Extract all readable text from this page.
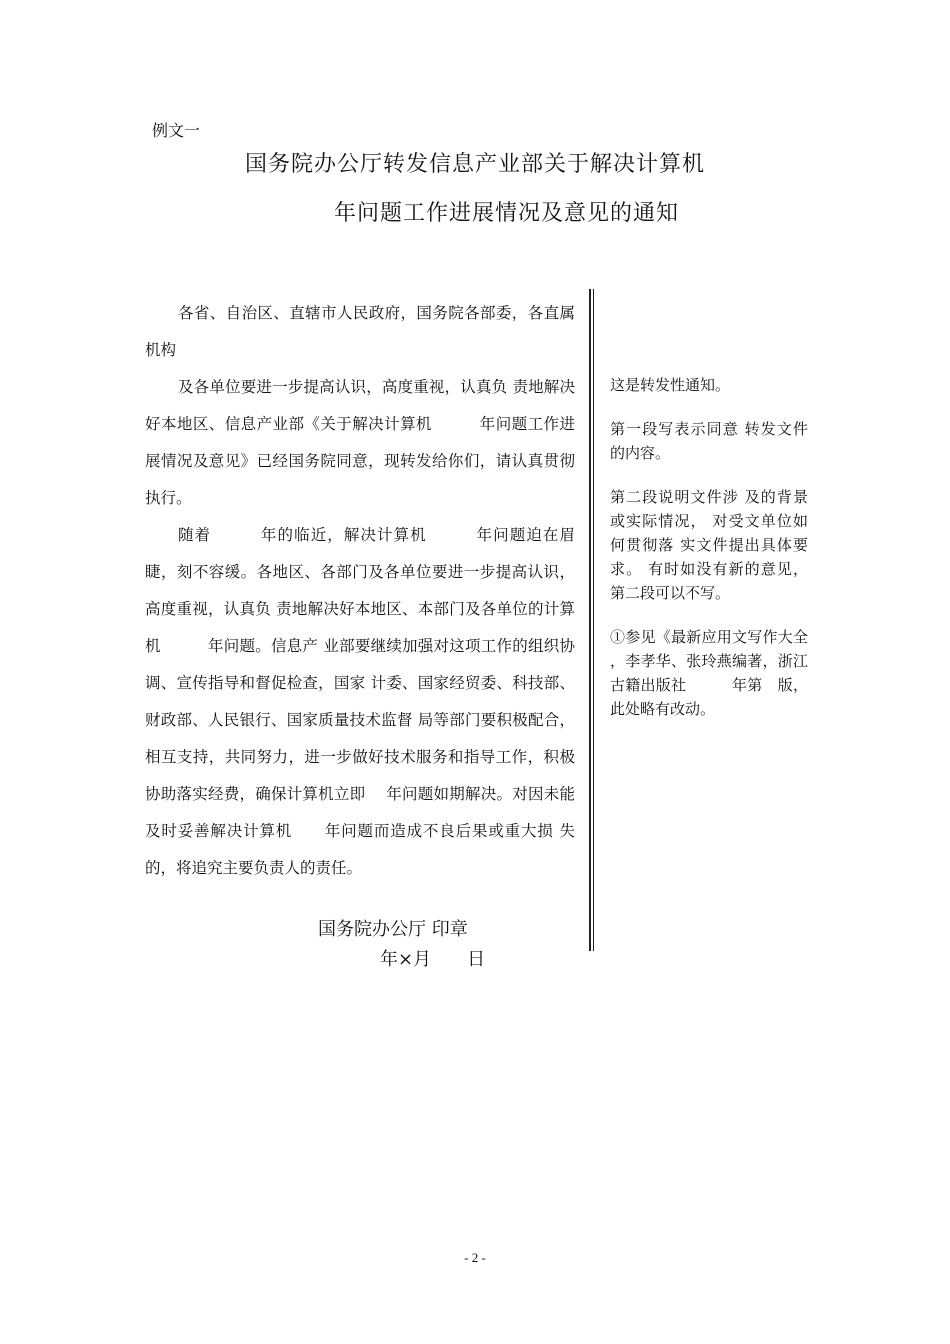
例文一
国务院办公厅转发信息产业部关于解决计算机
年问题工作进展情况及意见的通知

各省、自治区、直辖市人民政府，国务院各部委，各直属机构

及各单位要进一步提高认识，高度重视，认真负 责地解决好本地区、信息产业部《关于解决计算机　　　年问题工作进展情况及意见》已经国务院同意，现转发给你们，请认真贯彻执行。

随着　　　年的临近，解决计算机　　　年问题迫在眉睫，刻不容缓。各地区、各部门及各单位要进一步提高认识，高度重视，认真负 责地解决好本地区、本部门及各单位的计算机　　　年问题。信息产 业部要继续加强对这项工作的组织协调、宣传指导和督促检查，国家 计委、国家经贸委、科技部、财政部、人民银行、国家质量技术监督 局等部门要积极配合，相互支持，共同努力，进一步做好技术服务和指导工作，积极协助落实经费，确保计算机立即　 年问题如期解决。对因未能及时妥善解决计算机　　年问题而造成不良后果或重大损 失的，将追究主要负责人的责任。

国务院办公厅 印章
年×月　　日

这是转发性通知。

第一段写表示同意 转发文件的内容。

第二段说明文件涉 及的背景或实际情况， 对受文单位如何贯彻落 实文件提出具体要求。 有时如没有新的意见，第二段可以不写。

①参见《最新应用文写作大全 ，李孝华、张玲燕编著，浙江古籍出版社　　　年第　版，此处略有改动。

- 2 -
